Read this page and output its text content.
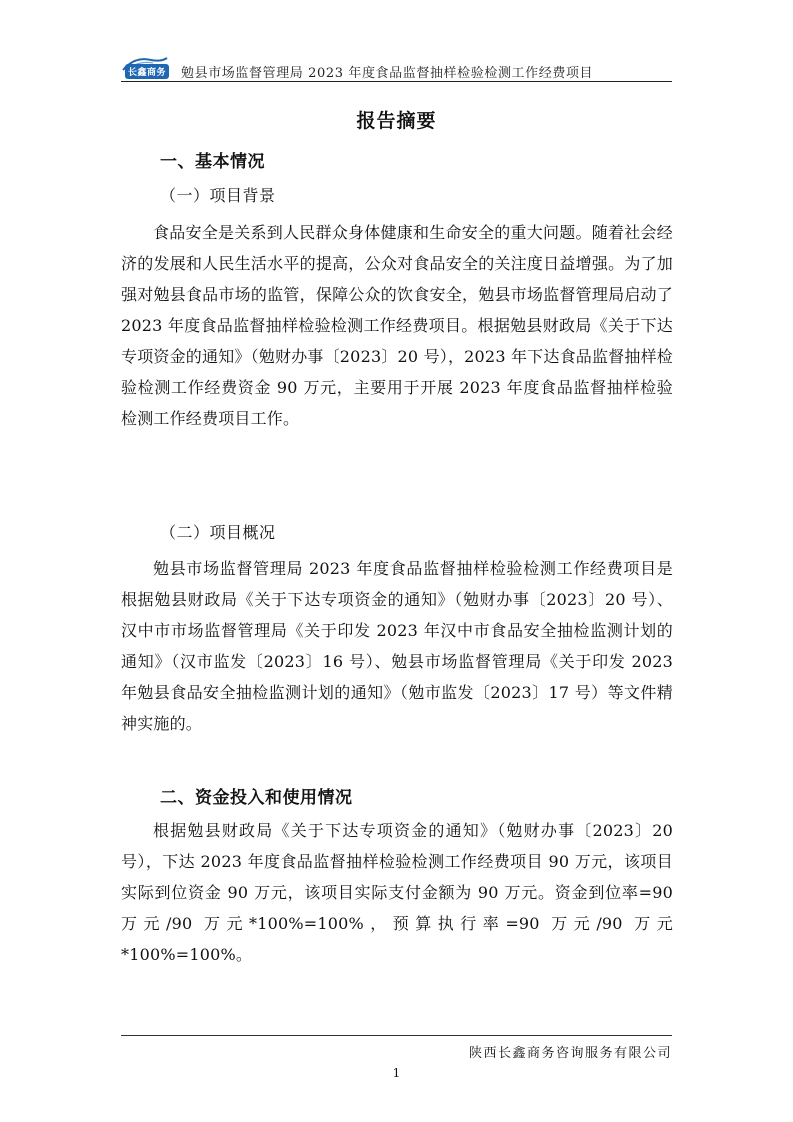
长鑫商务 勉县市场监督管理局 2023 年度食品监督抽样检验检测工作经费项目
报告摘要
一、基本情况
（一）项目背景
食品安全是关系到人民群众身体健康和生命安全的重大问题。随着社会经济的发展和人民生活水平的提高，公众对食品安全的关注度日益增强。为了加强对勉县食品市场的监管，保障公众的饮食安全，勉县市场监督管理局启动了 2023 年度食品监督抽样检验检测工作经费项目。根据勉县财政局《关于下达专项资金的通知》（勉财办事〔2023〕20 号），2023 年下达食品监督抽样检验检测工作经费资金 90 万元，主要用于开展 2023 年度食品监督抽样检验检测工作经费项目工作。
（二）项目概况
勉县市场监督管理局 2023 年度食品监督抽样检验检测工作经费项目是根据勉县财政局《关于下达专项资金的通知》（勉财办事〔2023〕20 号）、汉中市市场监督管理局《关于印发 2023 年汉中市食品安全抽检监测计划的通知》（汉市监发〔2023〕16 号）、勉县市场监督管理局《关于印发 2023 年勉县食品安全抽检监测计划的通知》（勉市监发〔2023〕17 号）等文件精神实施的。
二、资金投入和使用情况
根据勉县财政局《关于下达专项资金的通知》（勉财办事〔2023〕20 号），下达 2023 年度食品监督抽样检验检测工作经费项目 90 万元，该项目实际到位资金 90 万元，该项目实际支付金额为 90 万元。资金到位率=90 万元/90 万元*100%=100%，预算执行率=90 万元/90 万元*100%=100%。
陕西长鑫商务咨询服务有限公司
1
